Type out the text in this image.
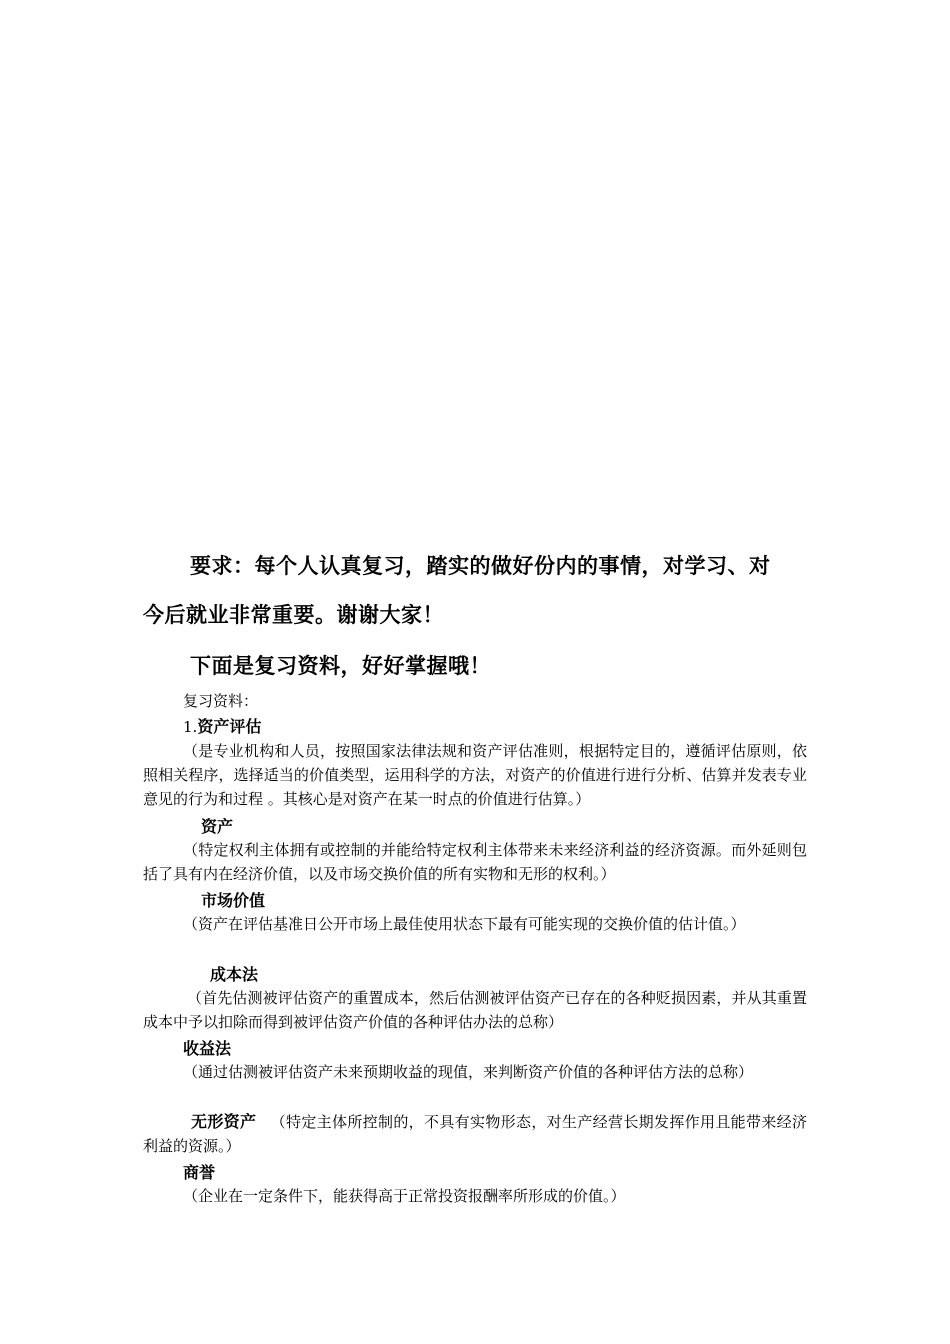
要求：每个人认真复习，踏实的做好份内的事情，对学习、对
今后就业非常重要。谢谢大家！
下面是复习资料，好好掌握哦！
复习资料：
1.资产评估
（是专业机构和人员，按照国家法律法规和资产评估准则，根据特定目的，遵循评估原则，依照相关程序，选择适当的价值类型，运用科学的方法，对资产的价值进行进行分析、估算并发表专业意见的行为和过程 。其核心是对资产在某一时点的价值进行估算。）
资产
（特定权利主体拥有或控制的并能给特定权利主体带来未来经济利益的经济资源。而外延则包括了具有内在经济价值，以及市场交换价值的所有实物和无形的权利。）
市场价值
（资产在评估基准日公开市场上最佳使用状态下最有可能实现的交换价值的估计值。）
成本法
（首先估测被评估资产的重置成本，然后估测被评估资产已存在的各种贬损因素，并从其重置成本中予以扣除而得到被评估资产价值的各种评估办法的总称）
收益法
（通过估测被评估资产未来预期收益的现值，来判断资产价值的各种评估方法的总称）
无形资产 （特定主体所控制的，不具有实物形态，对生产经营长期发挥作用且能带来经济利益的资源。）
商誉
（企业在一定条件下，能获得高于正常投资报酬率所形成的价值。）
